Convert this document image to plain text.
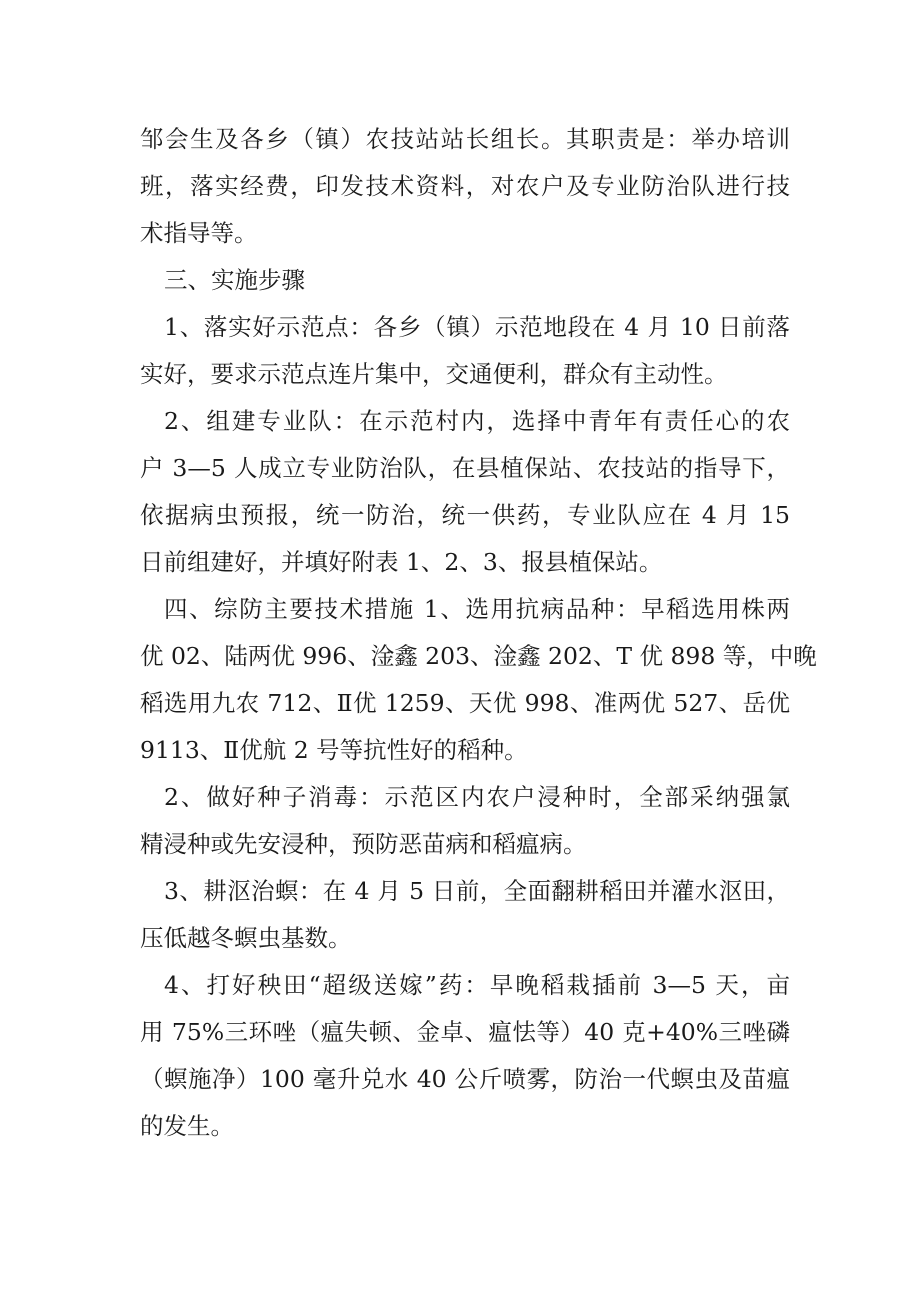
邹会生及各乡（镇）农技站站长组长。其职责是：举办培训
班，落实经费，印发技术资料，对农户及专业防治队进行技
术指导等。
三、实施步骤
1、落实好示范点：各乡（镇）示范地段在 4 月 10 日前落
实好，要求示范点连片集中，交通便利，群众有主动性。
2、组建专业队：在示范村内，选择中青年有责任心的农
户 3—5 人成立专业防治队，在县植保站、农技站的指导下，
依据病虫预报，统一防治，统一供药，专业队应在 4 月 15
日前组建好，并填好附表 1、2、3、报县植保站。
四、综防主要技术措施 1、选用抗病品种：早稻选用株两
优 02、陆两优 996、淦鑫 203、淦鑫 202、T 优 898 等，中晚
稻选用九农 712、Ⅱ优 1259、天优 998、准两优 527、岳优
9113、Ⅱ优航 2 号等抗性好的稻种。
2、做好种子消毒：示范区内农户浸种时，全部采纳强氯
精浸种或先安浸种，预防恶苗病和稻瘟病。
3、耕沤治螟：在 4 月 5 日前，全面翻耕稻田并灌水沤田，
压低越冬螟虫基数。
4、打好秧田“超级送嫁”药：早晚稻栽插前 3—5 天，亩
用 75%三环唑（瘟失顿、金卓、瘟怯等）40 克+40%三唑磷
（螟施净）100 毫升兑水 40 公斤喷雾，防治一代螟虫及苗瘟
的发生。
